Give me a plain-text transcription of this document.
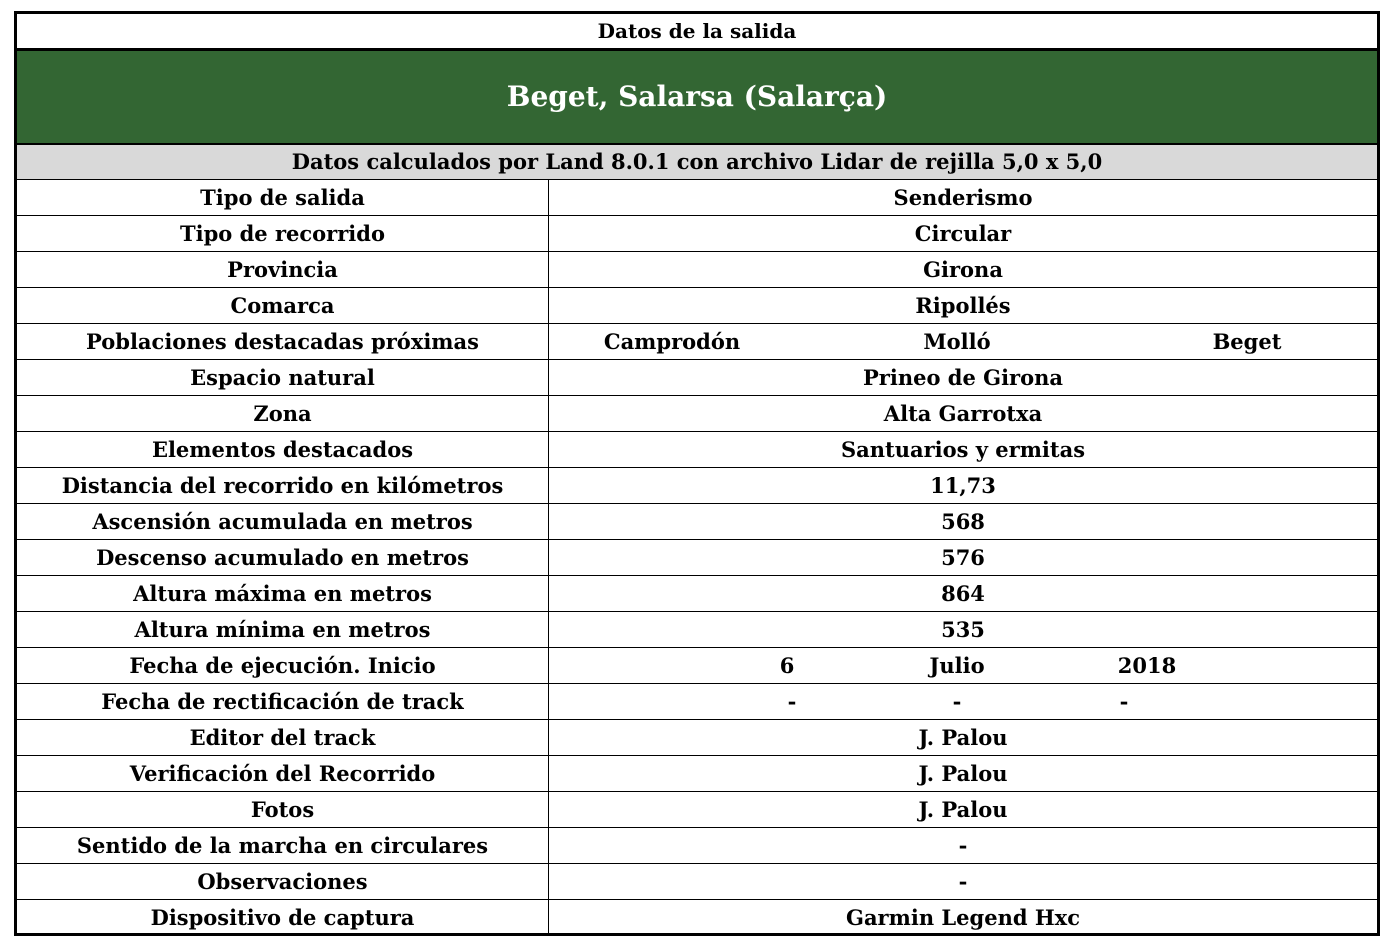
Datos de la salida
Beget, Salarsa (Salarça)
Datos calculados por Land 8.0.1 con archivo Lidar de rejilla 5,0 x 5,0
Tipo de salida	Senderismo
Tipo de recorrido	Circular
Provincia	Girona
Comarca	Ripollés
Poblaciones destacadas próximas	Camprodón	Molló	Beget
Espacio natural	Prineo de Girona
Zona	Alta Garrotxa
Elementos destacados	Santuarios y ermitas
Distancia del recorrido en kilómetros	11,73
Ascensión acumulada en metros	568
Descenso acumulado en metros	576
Altura máxima en metros	864
Altura mínima en metros	535
Fecha de ejecución. Inicio	6	Julio	2018
Fecha de rectificación de track	-	-	-
Editor del track	J. Palou
Verificación del Recorrido	J. Palou
Fotos	J. Palou
Sentido de la marcha en circulares	-
Observaciones	-
Dispositivo de captura	Garmin Legend Hxc
